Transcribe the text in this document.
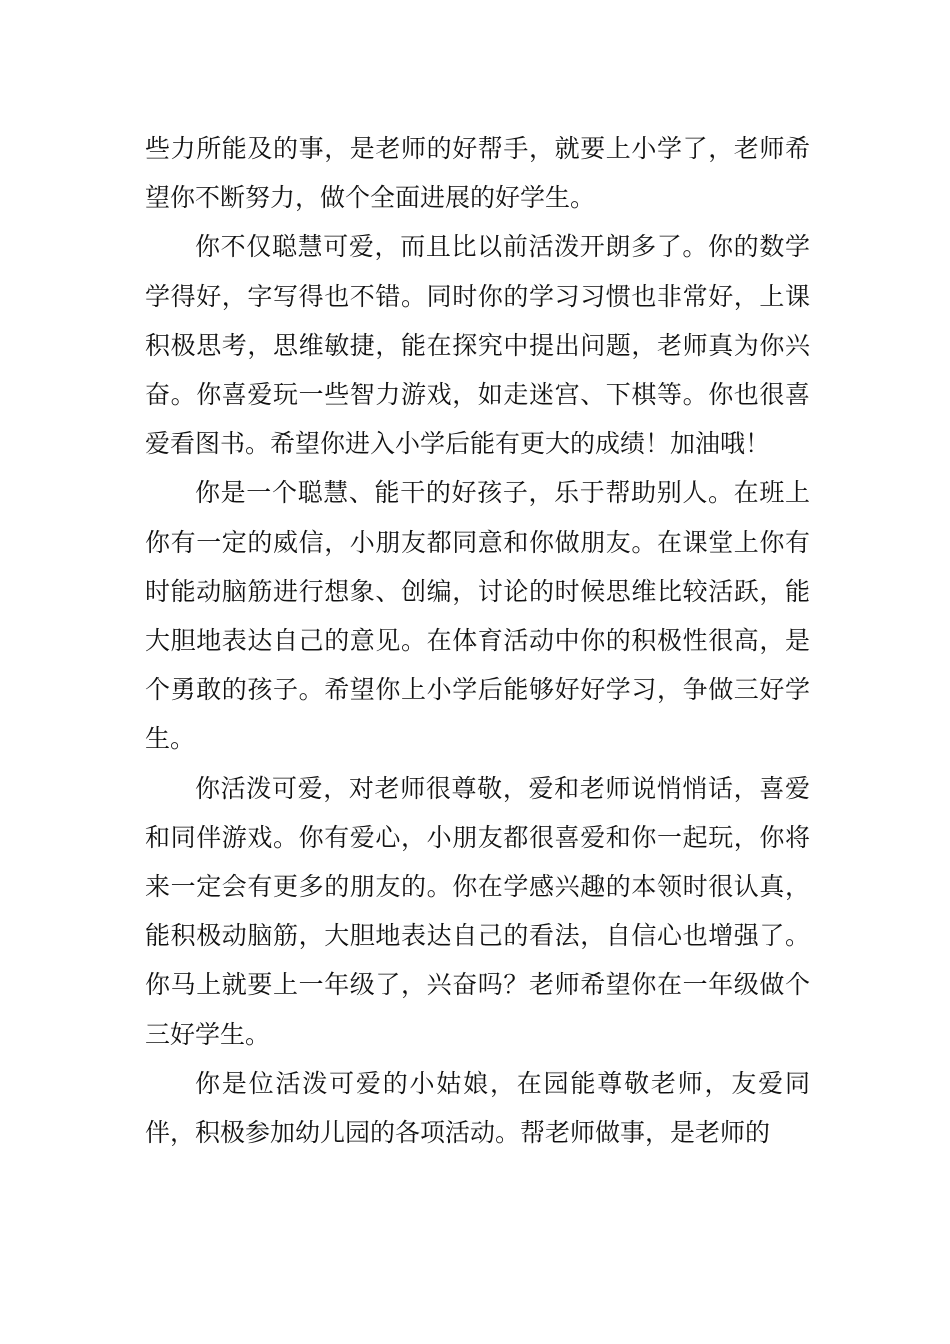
些力所能及的事，是老师的好帮手，就要上小学了，老师希望你不断努力，做个全面进展的好学生。

你不仅聪慧可爱，而且比以前活泼开朗多了。你的数学学得好，字写得也不错。同时你的学习习惯也非常好，上课积极思考，思维敏捷，能在探究中提出问题，老师真为你兴奋。你喜爱玩一些智力游戏，如走迷宫、下棋等。你也很喜爱看图书。希望你进入小学后能有更大的成绩！加油哦！

你是一个聪慧、能干的好孩子，乐于帮助别人。在班上你有一定的威信，小朋友都同意和你做朋友。在课堂上你有时能动脑筋进行想象、创编，讨论的时候思维比较活跃，能大胆地表达自己的意见。在体育活动中你的积极性很高，是个勇敢的孩子。希望你上小学后能够好好学习，争做三好学生。

你活泼可爱，对老师很尊敬，爱和老师说悄悄话，喜爱和同伴游戏。你有爱心，小朋友都很喜爱和你一起玩，你将来一定会有更多的朋友的。你在学感兴趣的本领时很认真，能积极动脑筋，大胆地表达自己的看法，自信心也增强了。你马上就要上一年级了，兴奋吗？老师希望你在一年级做个三好学生。

你是位活泼可爱的小姑娘，在园能尊敬老师，友爱同伴，积极参加幼儿园的各项活动。帮老师做事，是老师的
